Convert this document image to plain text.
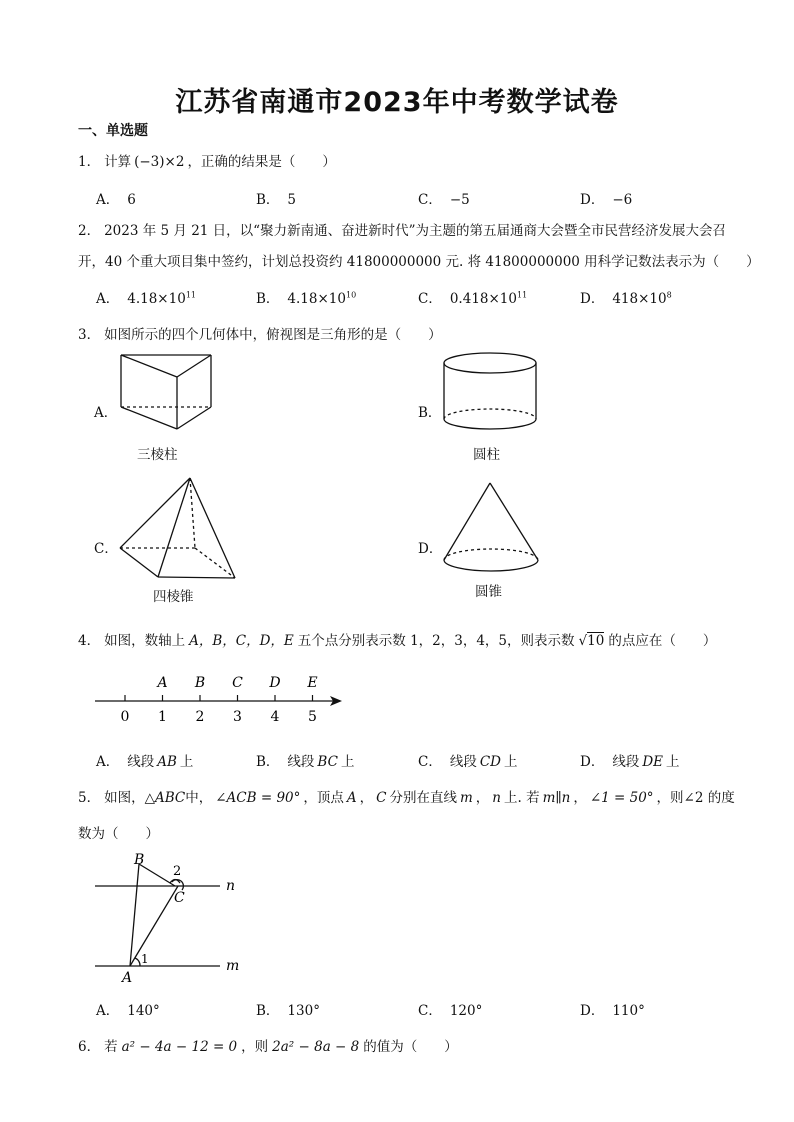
江苏省南通市2023年中考数学试卷
一、单选题
1． 计算 (−3)×2 ，正确的结果是（　　）
A． 6	B． 5	C． −5	D． −6
2． 2023 年 5 月 21 日，以“聚力新南通、奋进新时代”为主题的第五届通商大会暨全市民营经济发展大会召
开，40 个重大项目集中签约，计划总投资约 41800000000 元. 将 41800000000 用科学记数法表示为（　　）
A． $4.18\times 10^{11}$	B． $4.18\times 10^{10}$	C． $0.418\times 10^{11}$	D． $418\times 10^8$
3． 如图所示的四个几何体中，俯视图是三角形的是（　　）
A．
三棱柱
B．
圆柱
C．
四棱锥
D．
圆锥
4． 如图，数轴上 A，B，C，D，E 五个点分别表示数 1，2，3，4，5，则表示数 √10 的点应在（　　）
0 1 2 3 4 5
A B C D E
A． 线段 AB 上	B． 线段 BC 上	C． 线段 CD 上	D． 线段 DE 上
5． 如图，△ABC中， ∠ACB = 90° ，顶点 A ， C 分别在直线 m ， n 上. 若 m∥n ， ∠1 = 50° ，则∠2 的度
数为（　　）
B
C
A
n
m
1
2
A． 140°	B． 130°	C． 120°	D． 110°
6． 若 a² − 4a − 12 = 0 ，则 2a² − 8a − 8 的值为（　　）
